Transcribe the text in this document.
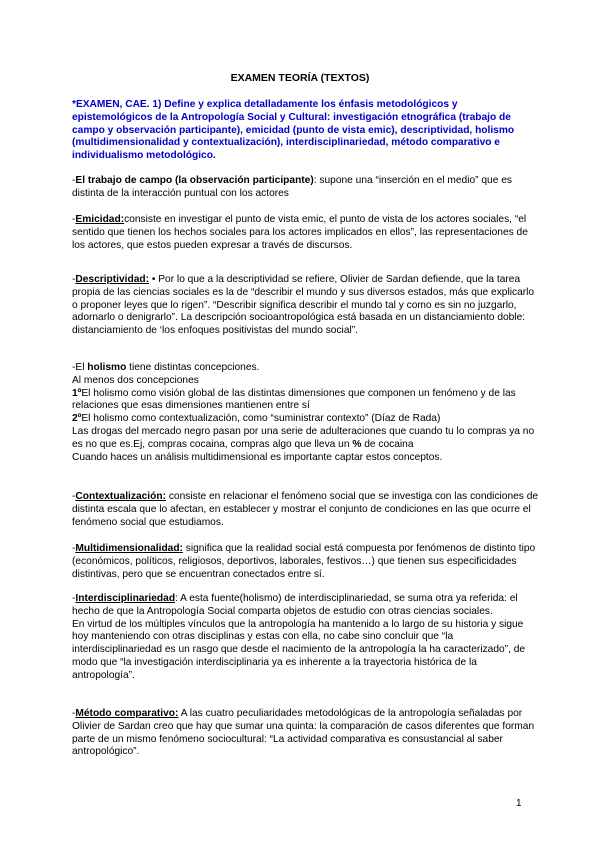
EXAMEN TEORÍA (TEXTOS)
*EXAMEN, CAE. 1) Define y explica detalladamente los énfasis metodológicos y epistemológicos de la Antropología Social y Cultural: investigación etnográfica (trabajo de campo y observación participante), emicidad (punto de vista emic), descriptividad, holismo (multidimensionalidad y contextualización), interdisciplinariedad, método comparativo e individualismo metodológico.

-El trabajo de campo (la observación participante): supone una “inserción en el medio” que es distinta de la interacción puntual con los actores

-Emicidad:consiste en investigar el punto de vista emic, el punto de vista de los actores sociales, “el sentido que tienen los hechos sociales para los actores implicados en ellos”, las representaciones de los actores, que estos pueden expresar a través de discursos.

-Descriptividad: • Por lo que a la descriptividad se refiere, Olivier de Sardan defiende, que la tarea propia de las ciencias sociales es la de “describir el mundo y sus diversos estados, más que explicarlo o proponer leyes que lo rigen”. “Describir significa describir el mundo tal y como es sin no juzgarlo, adornarlo o denigrarlo”. La descripción socioantropológica está basada en un distanciamiento doble: distanciamiento de ‘los enfoques positivistas del mundo social”.

-El holismo tiene distintas concepciones.

Al menos dos concepciones

1ºEl holismo como visión global de las distintas dimensiones que componen un fenómeno y de las relaciones que esas dimensiones mantienen entre sí

2ºEl holismo como contextualización, como “suministrar contexto” (Díaz de Rada)

Las drogas del mercado negro pasan por una serie de adulteraciones que cuando tu lo compras ya no es no que es.Ej, compras cocaina, compras algo que lleva un % de cocaina

Cuando haces un análisis multidimensional es importante captar estos conceptos.

-Contextualización: consiste en relacionar el fenómeno social que se investiga con las condiciones de distinta escala que lo afectan, en establecer y mostrar el conjunto de condiciones en las que ocurre el fenómeno social que estudiamos.

-Multidimensionalidad: significa que la realidad social está compuesta por fenómenos de distinto tipo (económicos, políticos, religiosos, deportivos, laborales, festivos…) que tienen sus especificidades distintivas, pero que se encuentran conectados entre sí.

-Interdisciplinariedad: A esta fuente(holismo) de interdisciplinariedad, se suma otra ya referida: el hecho de que la Antropología Social comparta objetos de estudio con otras ciencias sociales.

En virtud de los múltiples vínculos que la antropología ha mantenido a lo largo de su historia y sigue hoy manteniendo con otras disciplinas y estas con ella, no cabe sino concluir que “la interdisciplinariedad es un rasgo que desde el nacimiento de la antropología la ha caracterizado”, de modo que “la investigación interdisciplinaria ya es inherente a la trayectoria histórica de la antropología”.

-Método comparativo: A las cuatro peculiaridades metodológicas de la antropología señaladas por Olivier de Sardan creo que hay que sumar una quinta: la comparación de casos diferentes que forman parte de un mismo fenómeno sociocultural: “La actividad comparativa es consustancial al saber antropológico”.

1
